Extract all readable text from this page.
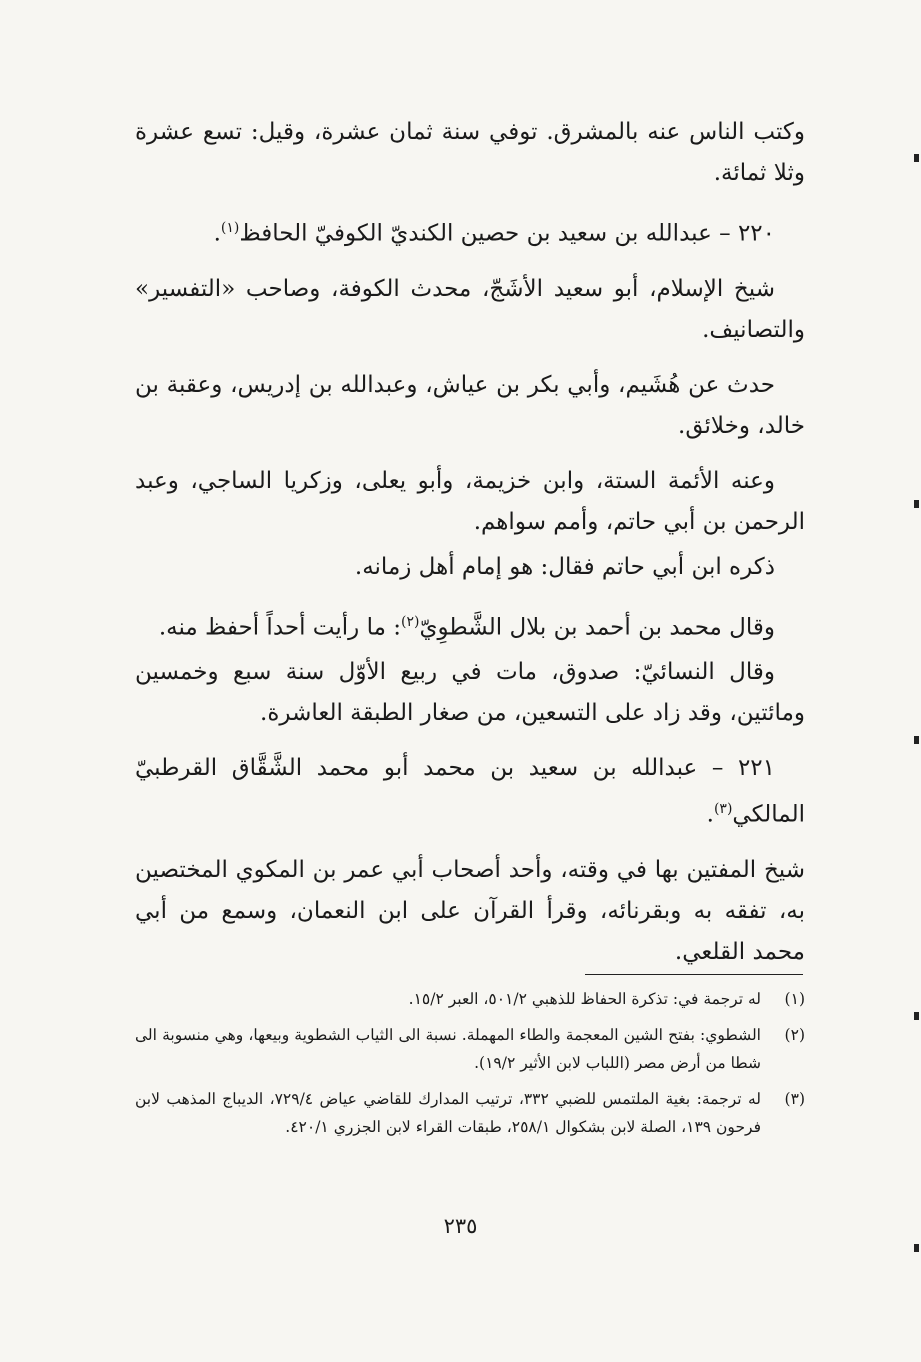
وكتب الناس عنه بالمشرق. توفي سنة ثمان عشرة، وقيل: تسع عشرة وثلا ثمائة.

٢٢٠ – عبدالله بن سعيد بن حصين الكنديّ الكوفيّ الحافظ$^{(١)}$.

شيخ الإسلام، أبو سعيد الأشَجّ، محدث الكوفة، وصاحب «التفسير» والتصانيف.

حدث عن هُشَيم، وأبي بكر بن عياش، وعبدالله بن إدريس، وعقبة بن خالد، وخلائق.

وعنه الأئمة الستة، وابن خزيمة، وأبو يعلى، وزكريا الساجي، وعبد الرحمن بن أبي حاتم، وأمم سواهم.

ذكره ابن أبي حاتم فقال: هو إمام أهل زمانه.

وقال محمد بن أحمد بن بلال الشَّطوِيّ$^{(٢)}$: ما رأيت أحداً أحفظ منه.

وقال النسائيّ: صدوق، مات في ربيع الأوّل سنة سبع وخمسين ومائتين، وقد زاد على التسعين، من صغار الطبقة العاشرة.

٢٢١ – عبدالله بن سعيد بن محمد أبو محمد الشَّقَّاق القرطبيّ المالكي$^{(٣)}$.

شيخ المفتين بها في وقته، وأحد أصحاب أبي عمر بن المكوي المختصين به، تفقه به وبقرنائه، وقرأ القرآن على ابن النعمان، وسمع من أبي محمد القلعي.

(١)
له ترجمة في: تذكرة الحفاظ للذهبي ٥٠١/٢، العبر ١٥/٢.
(٢)
الشطوي: بفتح الشين المعجمة والطاء المهملة. نسبة الى الثياب الشطوية وبيعها، وهي منسوبة الى شطا من أرض مصر (اللباب لابن الأثير ١٩/٢).
(٣)
له ترجمة: بغية الملتمس للضبي ٣٣٢، ترتيب المدارك للقاضي عياض ٧٢٩/٤، الديباج المذهب لابن فرحون ١٣٩، الصلة لابن بشكوال ٢٥٨/١، طبقات القراء لابن الجزري ٤٢٠/١.
٢٣٥
